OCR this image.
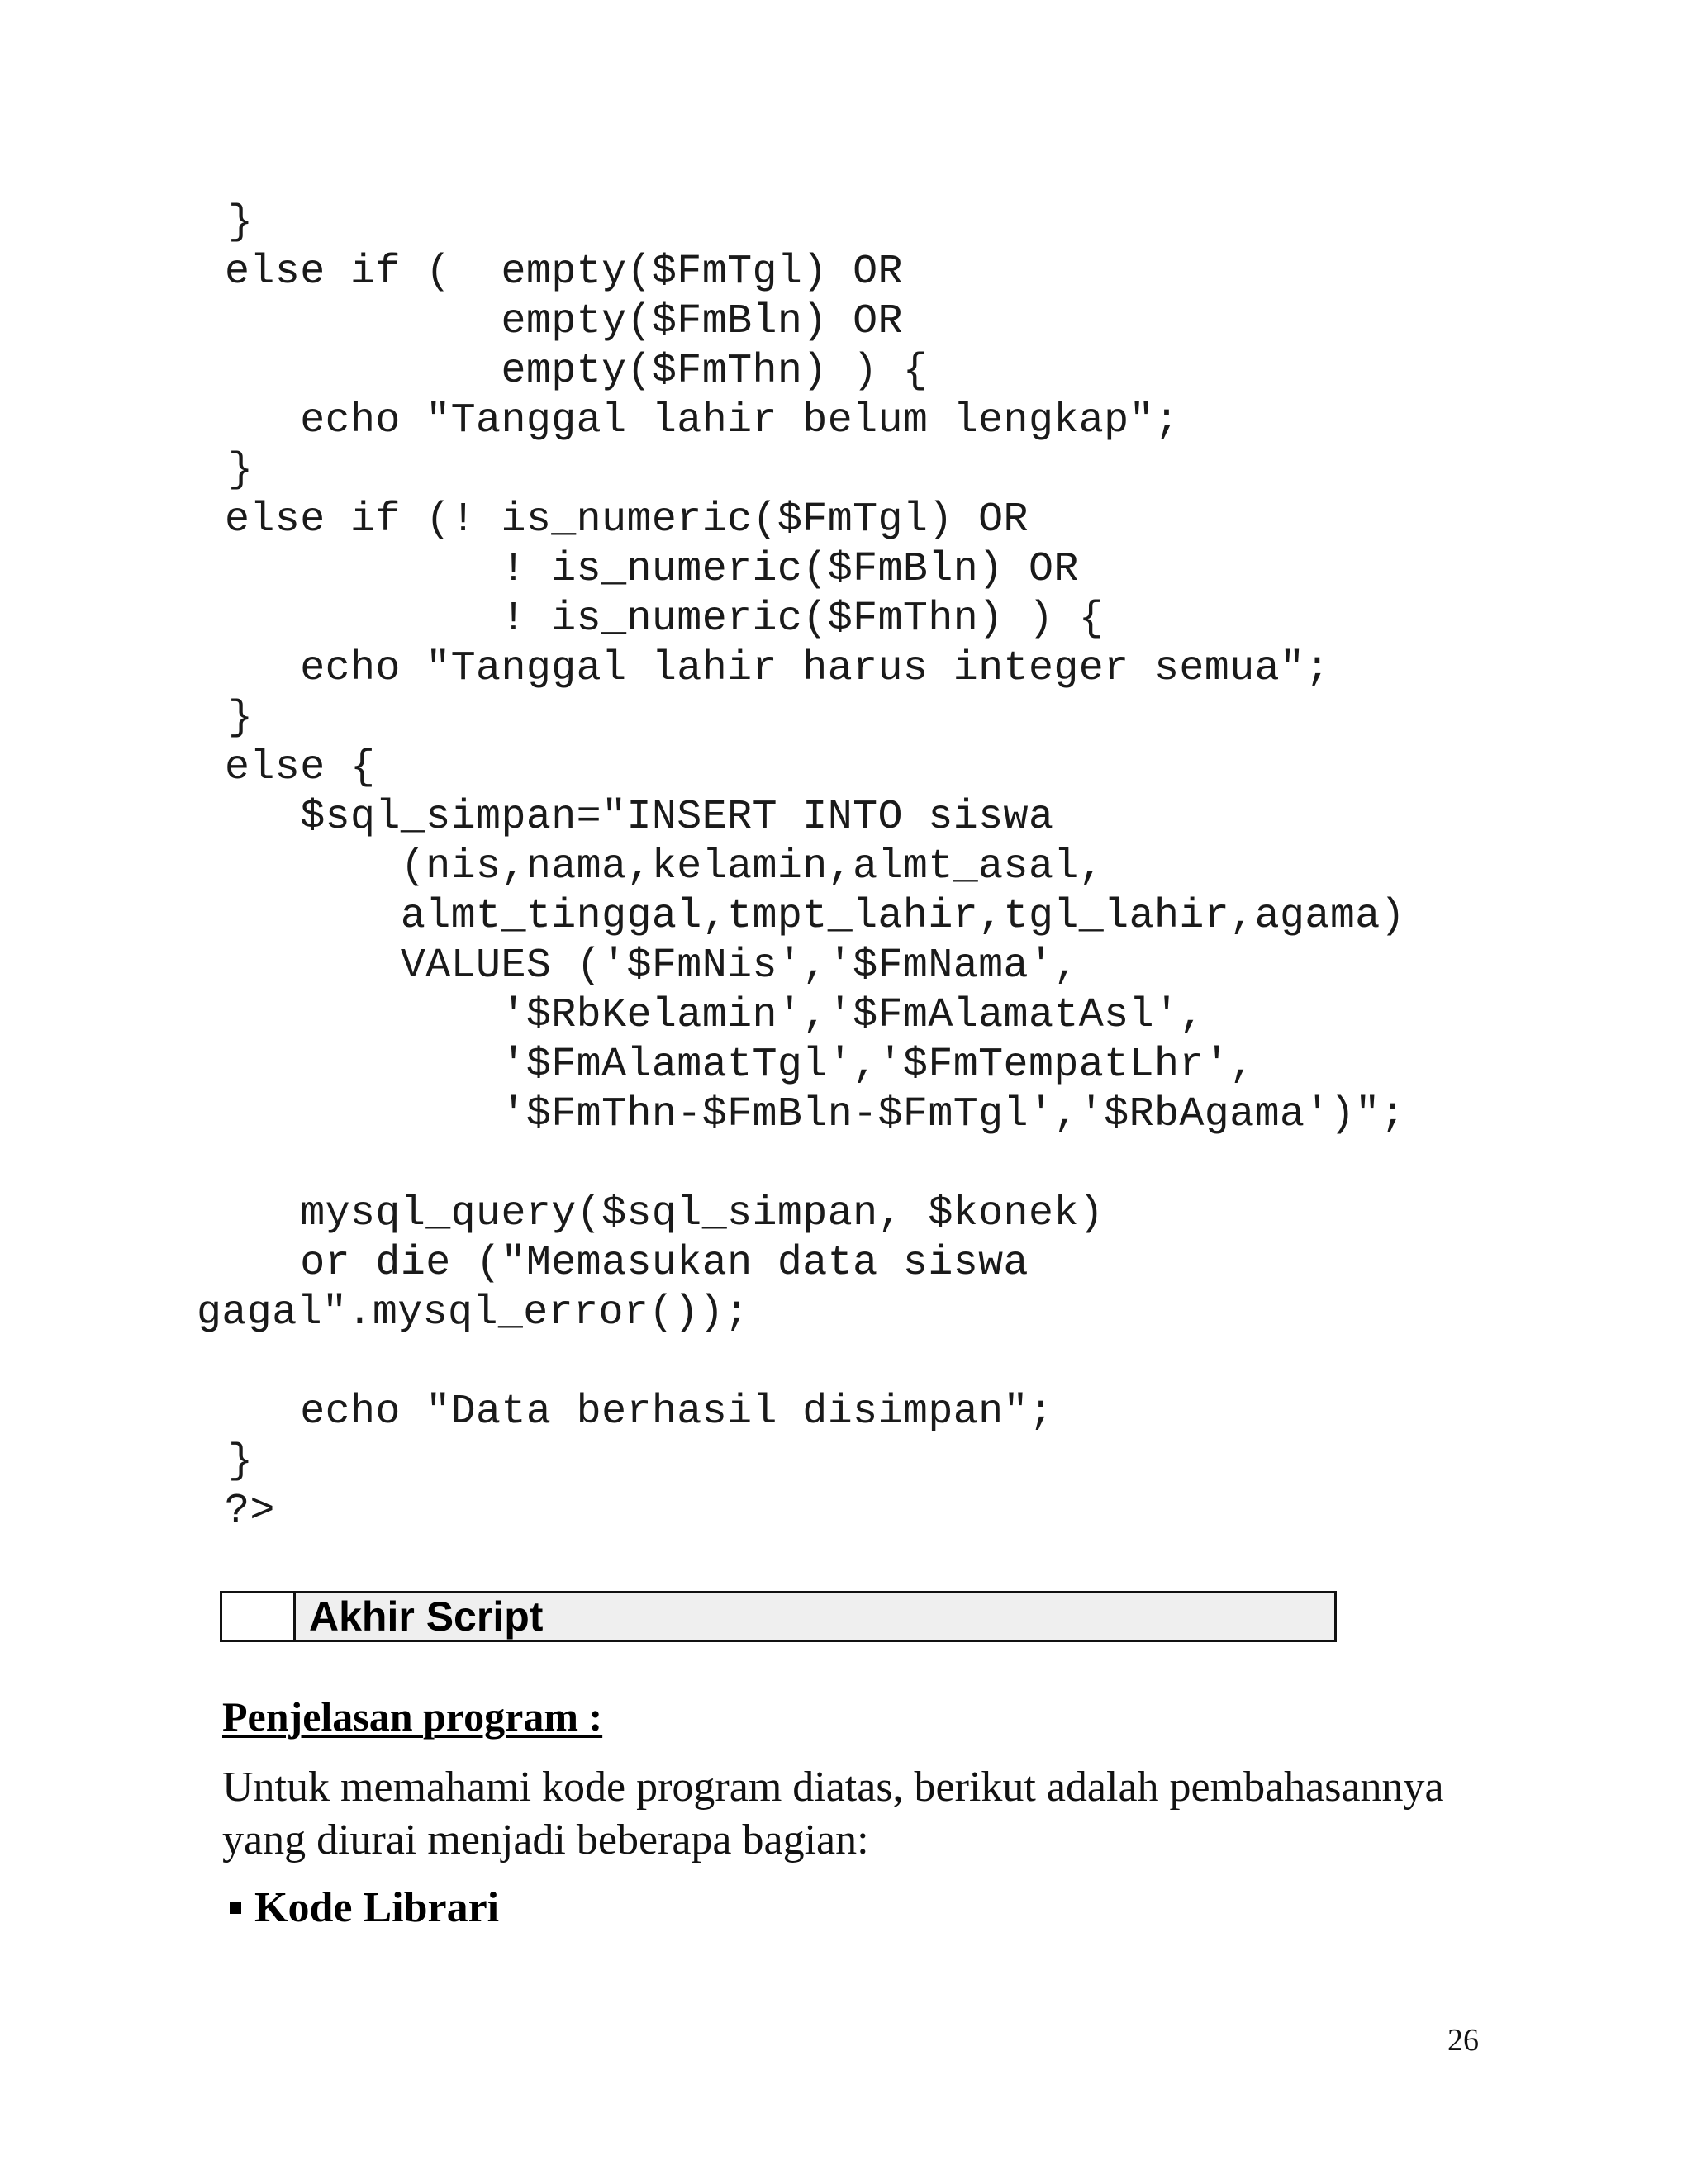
}
else if (  empty($FmTgl) OR
empty($FmBln) OR
empty($FmThn) ) {
echo "Tanggal lahir belum lengkap";
}
else if (! is_numeric($FmTgl) OR
! is_numeric($FmBln) OR
! is_numeric($FmThn) ) {
echo "Tanggal lahir harus integer semua";
}
else {
$sql_simpan="INSERT INTO siswa
(nis,nama,kelamin,almt_asal,
almt_tinggal,tmpt_lahir,tgl_lahir,agama)
VALUES ('$FmNis','$FmNama',
'$RbKelamin','$FmAlamatAsl',
'$FmAlamatTgl','$FmTempatLhr',
'$FmThn-$FmBln-$FmTgl','$RbAgama')";
mysql_query($sql_simpan, $konek)
or die ("Memasukan data siswa
gagal".mysql_error());
echo "Data berhasil disimpan";
}
?>
Akhir Script
Penjelasan program :

Untuk memahami kode program diatas, berikut adalah pembahasannya yang diurai menjadi beberapa bagian:

Kode Librari
26
